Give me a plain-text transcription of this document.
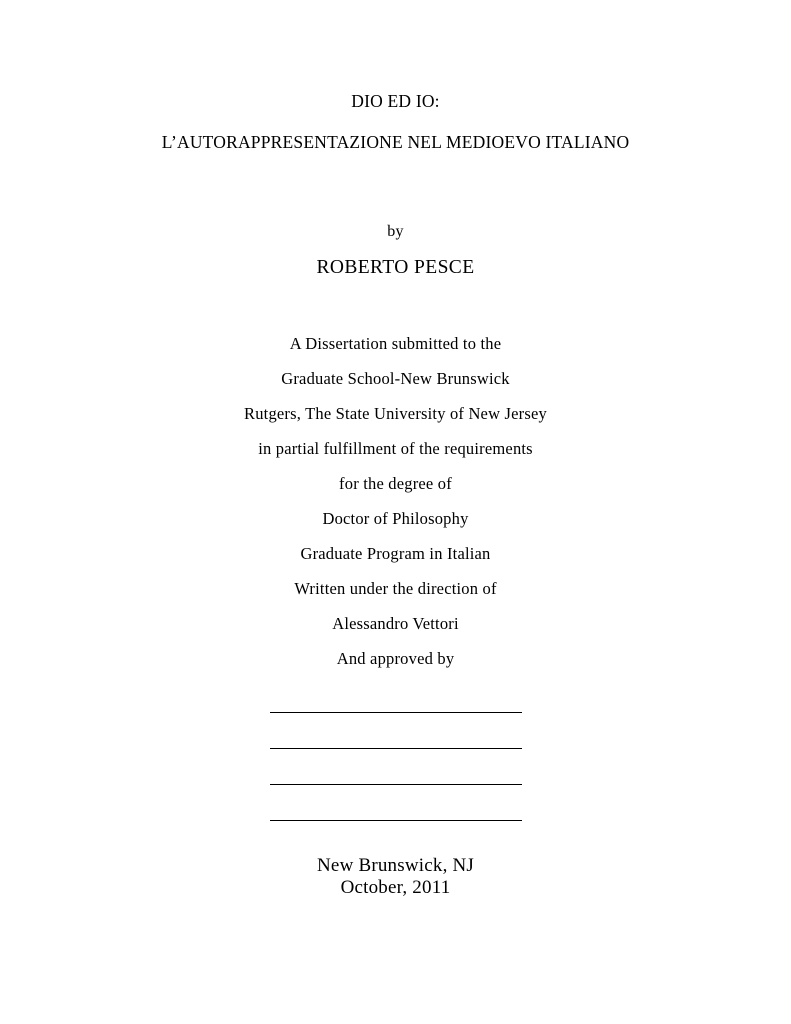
DIO ED IO:
L’AUTORAPPRESENTAZIONE NEL MEDIOEVO ITALIANO
by
ROBERTO PESCE
A Dissertation submitted to the
Graduate School-New Brunswick
Rutgers, The State University of New Jersey
in partial fulfillment of the requirements
for the degree of
Doctor of Philosophy
Graduate Program in Italian
Written under the direction of
Alessandro Vettori
And approved by
New Brunswick, NJ
October, 2011
